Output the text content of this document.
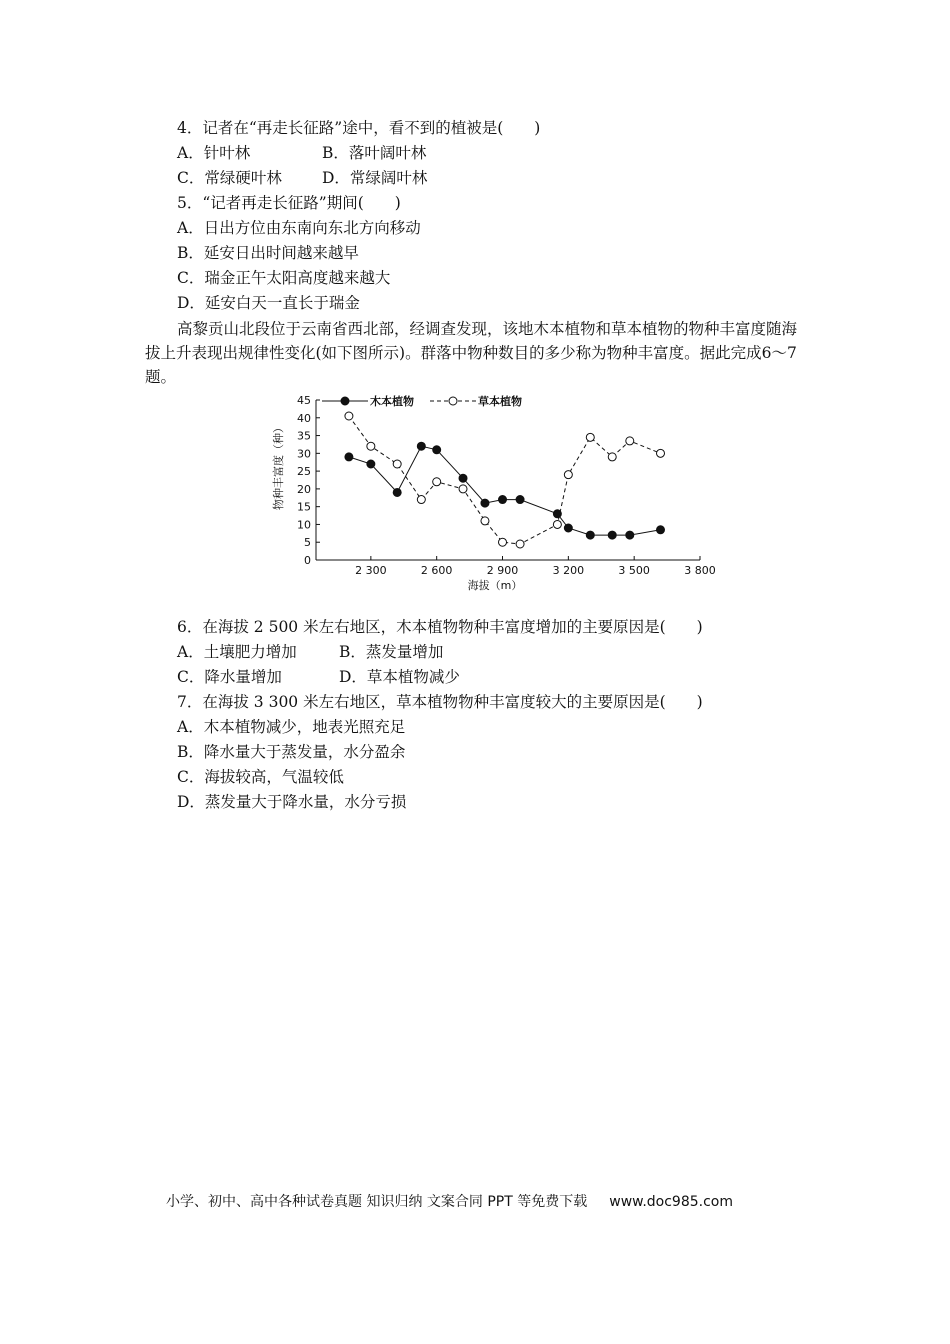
4．记者在“再走长征路”途中，看不到的植被是(　　)
A．针叶林	B．落叶阔叶林
C．常绿硬叶林	D．常绿阔叶林
5．“记者再走长征路”期间(　　)
A．日出方位由东南向东北方向移动
B．延安日出时间越来越早
C．瑞金正午太阳高度越来越大
D．延安白天一直长于瑞金
高黎贡山北段位于云南省西北部，经调查发现，该地木本植物和草本植物的物种丰富度随海拔上升表现出规律性变化(如下图所示)。群落中物种数目的多少称为物种丰富度。据此完成6～7题。
0
5
10
15
20
25
30
35
40
45
2 300	2 600	2 900	3 200	3 500	3 800
木本植物	草本植物
海拔（m）
物种丰富度（种）
6．在海拔 2 500 米左右地区，木本植物物种丰富度增加的主要原因是(　　)
A．土壤肥力增加	B．蒸发量增加
C．降水量增加	D．草本植物减少
7．在海拔 3 300 米左右地区，草本植物物种丰富度较大的主要原因是(　　)
A．木本植物减少，地表光照充足
B．降水量大于蒸发量，水分盈余
C．海拔较高，气温较低
D．蒸发量大于降水量，水分亏损
小学、初中、高中各种试卷真题 知识归纳 文案合同 PPT 等免费下载 www.doc985.com
